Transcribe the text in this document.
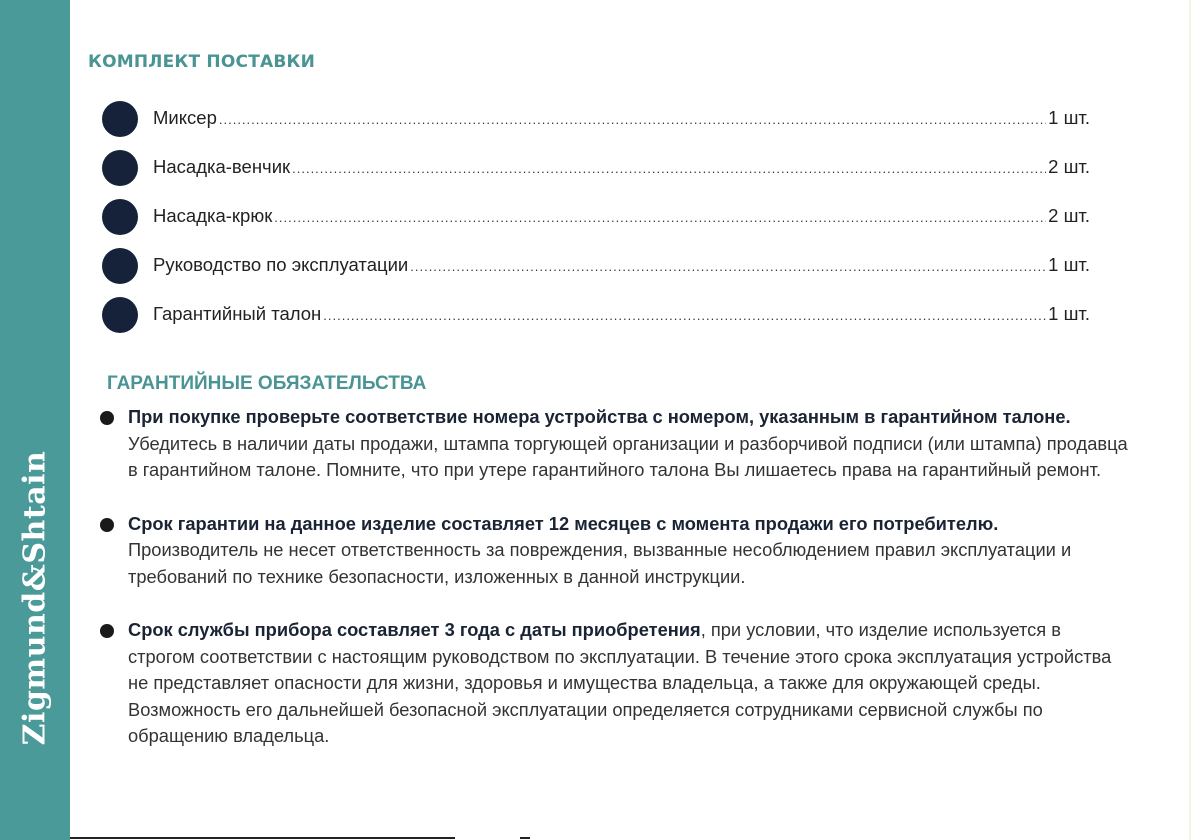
Zigmund&Shtain
КОМПЛЕКТ ПОСТАВКИ
Миксер .....	1 шт.
Насадка-венчик .....	2 шт.
Насадка-крюк .....	2 шт.
Руководство по эксплуатации .....	1 шт.
Гарантийный талон .....	1 шт.
ГАРАНТИЙНЫЕ ОБЯЗАТЕЛЬСТВА
При покупке проверьте соответствие номера устройства с номером, указанным в гарантийном талоне. Убедитесь в наличии даты продажи, штампа торгующей организации и разборчивой подписи (или штампа) продавца в гарантийном талоне. Помните, что при утере гарантийного талона Вы лишаетесь права на гарантийный ремонт.
Срок гарантии на данное изделие составляет 12 месяцев с момента продажи его потребителю. Производитель не несет ответственность за повреждения, вызванные несоблюдением правил эксплуатации и требований по технике безопасности, изложенных в данной инструкции.
Срок службы прибора составляет 3 года с даты приобретения, при условии, что изделие используется в строгом соответствии с настоящим руководством по эксплуатации. В течение этого срока эксплуатация устройства не представляет опасности для жизни, здоровья и имущества владельца, а также для окружающей среды. Возможность его дальнейшей безопасной эксплуатации определяется сотрудниками сервисной службы по обращению владельца.
